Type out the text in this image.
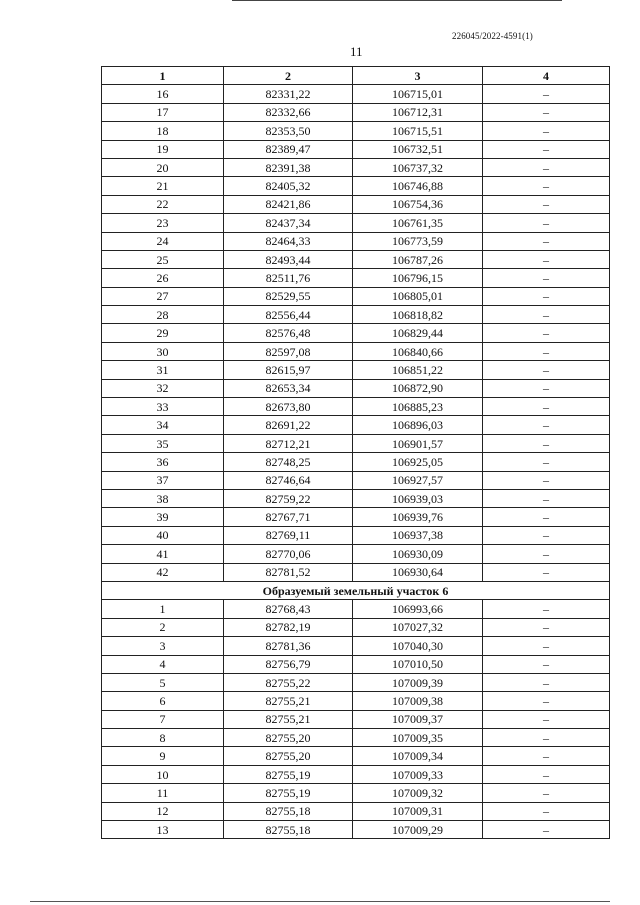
226045/2022-4591(1)
11
1	2	3	4
16	82331,22	106715,01	–
17	82332,66	106712,31	–
18	82353,50	106715,51	–
19	82389,47	106732,51	–
20	82391,38	106737,32	–
21	82405,32	106746,88	–
22	82421,86	106754,36	–
23	82437,34	106761,35	–
24	82464,33	106773,59	–
25	82493,44	106787,26	–
26	82511,76	106796,15	–
27	82529,55	106805,01	–
28	82556,44	106818,82	–
29	82576,48	106829,44	–
30	82597,08	106840,66	–
31	82615,97	106851,22	–
32	82653,34	106872,90	–
33	82673,80	106885,23	–
34	82691,22	106896,03	–
35	82712,21	106901,57	–
36	82748,25	106925,05	–
37	82746,64	106927,57	–
38	82759,22	106939,03	–
39	82767,71	106939,76	–
40	82769,11	106937,38	–
41	82770,06	106930,09	–
42	82781,52	106930,64	–
Образуемый земельный участок 6			
1	82768,43	106993,66	–
2	82782,19	107027,32	–
3	82781,36	107040,30	–
4	82756,79	107010,50	–
5	82755,22	107009,39	–
6	82755,21	107009,38	–
7	82755,21	107009,37	–
8	82755,20	107009,35	–
9	82755,20	107009,34	–
10	82755,19	107009,33	–
11	82755,19	107009,32	–
12	82755,18	107009,31	–
13	82755,18	107009,29	–
